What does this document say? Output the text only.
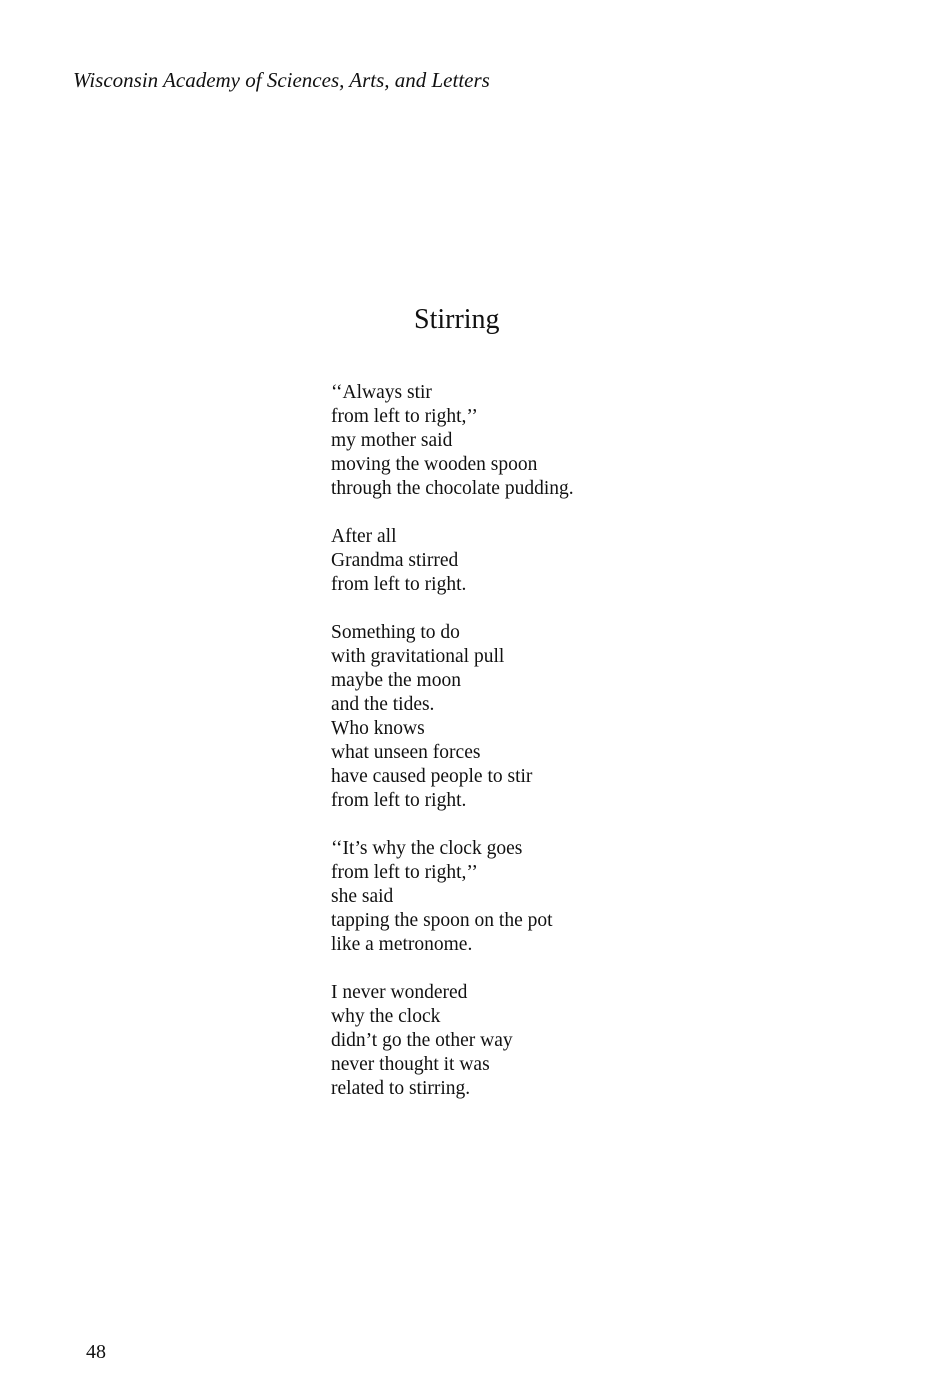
Wisconsin Academy of Sciences, Arts, and Letters
Stirring
‘‘Always stir
from left to right,’’
my mother said
moving the wooden spoon
through the chocolate pudding.
After all
Grandma stirred
from left to right.
Something to do
with gravitational pull
maybe the moon
and the tides.
Who knows
what unseen forces
have caused people to stir
from left to right.
‘‘It’s why the clock goes
from left to right,’’
she said
tapping the spoon on the pot
like a metronome.
I never wondered
why the clock
didn’t go the other way
never thought it was
related to stirring.
48
